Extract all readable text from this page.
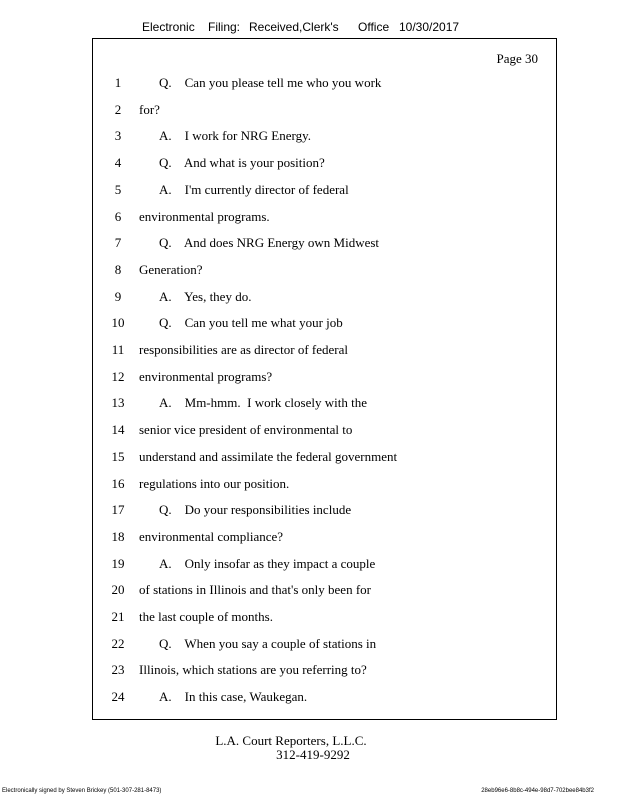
Electronic Filing: Received,Clerk's Office 10/30/2017
Page 30
1	Q.    Can you please tell me who you work
2	for?
3	A.    I work for NRG Energy.
4	Q.    And what is your position?
5	A.    I'm currently director of federal
6	environmental programs.
7	Q.    And does NRG Energy own Midwest
8	Generation?
9	A.    Yes, they do.
10	Q.    Can you tell me what your job
11	responsibilities are as director of federal
12	environmental programs?
13	A.    Mm-hmm.  I work closely with the
14	senior vice president of environmental to
15	understand and assimilate the federal government
16	regulations into our position.
17	Q.    Do your responsibilities include
18	environmental compliance?
19	A.    Only insofar as they impact a couple
20	of stations in Illinois and that's only been for
21	the last couple of months.
22	Q.    When you say a couple of stations in
23	Illinois, which stations are you referring to?
24	A.    In this case, Waukegan.
L.A. Court Reporters, L.L.C.
312-419-9292
Electronically signed by Steven Brickey (501-307-281-8473)	28eb96e6-8b8c-494e-98d7-702bee84b3f2
